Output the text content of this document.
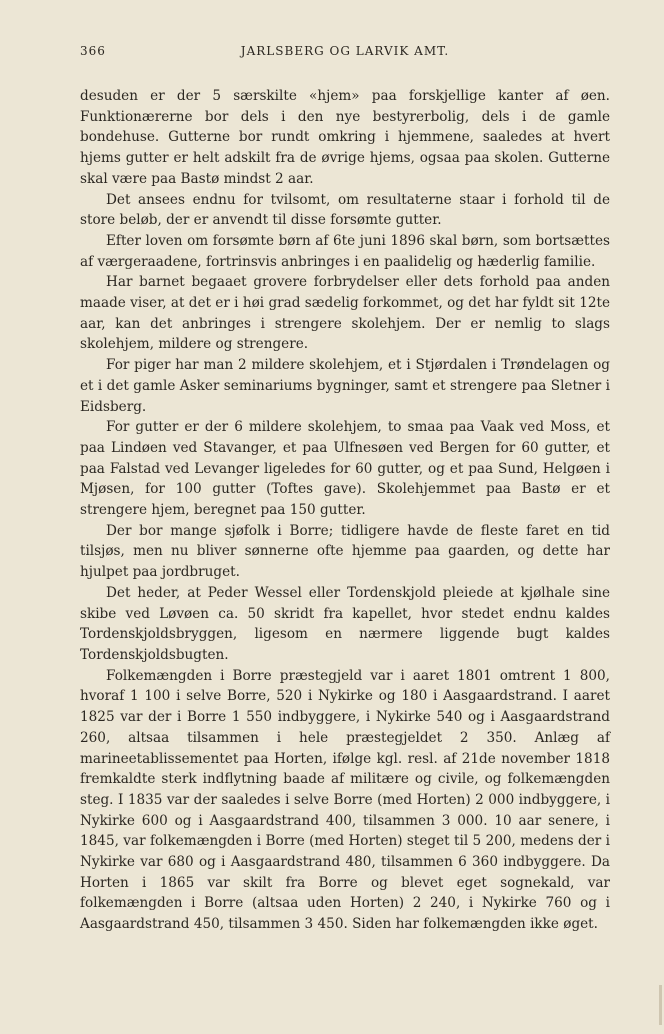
366	JARLSBERG OG LARVIK AMT.

desuden er der 5 særskilte «hjem» paa forskjellige kanter af øen. Funktionærerne bor dels i den nye bestyrerbolig, dels i de gamle bondehuse. Gutterne bor rundt omkring i hjemmene, saaledes at hvert hjems gutter er helt adskilt fra de øvrige hjems, ogsaa paa skolen. Gutterne skal være paa Bastø mindst 2 aar.

Det ansees endnu for tvilsomt, om resultaterne staar i forhold til de store beløb, der er anvendt til disse forsømte gutter.

Efter loven om forsømte børn af 6te juni 1896 skal børn, som bortsættes af værgeraadene, fortrinsvis anbringes i en paalidelig og hæderlig familie.

Har barnet begaaet grovere forbrydelser eller dets forhold paa anden maade viser, at det er i høi grad sædelig forkommet, og det har fyldt sit 12te aar, kan det anbringes i strengere skolehjem. Der er nemlig to slags skolehjem, mildere og strengere.

For piger har man 2 mildere skolehjem, et i Stjørdalen i Trøndelagen og et i det gamle Asker seminariums bygninger, samt et strengere paa Sletner i Eidsberg.

For gutter er der 6 mildere skolehjem, to smaa paa Vaak ved Moss, et paa Lindøen ved Stavanger, et paa Ulfnesøen ved Bergen for 60 gutter, et paa Falstad ved Levanger ligeledes for 60 gutter, og et paa Sund, Helgøen i Mjøsen, for 100 gutter (Toftes gave). Skolehjemmet paa Bastø er et strengere hjem, beregnet paa 150 gutter.

Der bor mange sjøfolk i Borre; tidligere havde de fleste faret en tid tilsjøs, men nu bliver sønnerne ofte hjemme paa gaarden, og dette har hjulpet paa jordbruget.

Det heder, at Peder Wessel eller Tordenskjold pleiede at kjølhale sine skibe ved Løvøen ca. 50 skridt fra kapellet, hvor stedet endnu kaldes Tordenskjoldsbryggen, ligesom en nærmere liggende bugt kaldes Tordenskjoldsbugten.

Folkemængden i Borre præstegjeld var i aaret 1801 omtrent 1 800, hvoraf 1 100 i selve Borre, 520 i Nykirke og 180 i Aasgaardstrand. I aaret 1825 var der i Borre 1 550 indbyggere, i Nykirke 540 og i Aasgaardstrand 260, altsaa tilsammen i hele præstegjeldet 2 350. Anlæg af marineetablissementet paa Horten, ifølge kgl. resl. af 21de november 1818 fremkaldte sterk indflytning baade af militære og civile, og folkemængden steg. I 1835 var der saaledes i selve Borre (med Horten) 2 000 indbyggere, i Nykirke 600 og i Aasgaardstrand 400, tilsammen 3 000. 10 aar senere, i 1845, var folkemængden i Borre (med Horten) steget til 5 200, medens der i Nykirke var 680 og i Aasgaardstrand 480, tilsammen 6 360 indbyggere. Da Horten i 1865 var skilt fra Borre og blevet eget sognekald, var folkemængden i Borre (altsaa uden Horten) 2 240, i Nykirke 760 og i Aasgaardstrand 450, tilsammen 3 450. Siden har folkemængden ikke øget.
